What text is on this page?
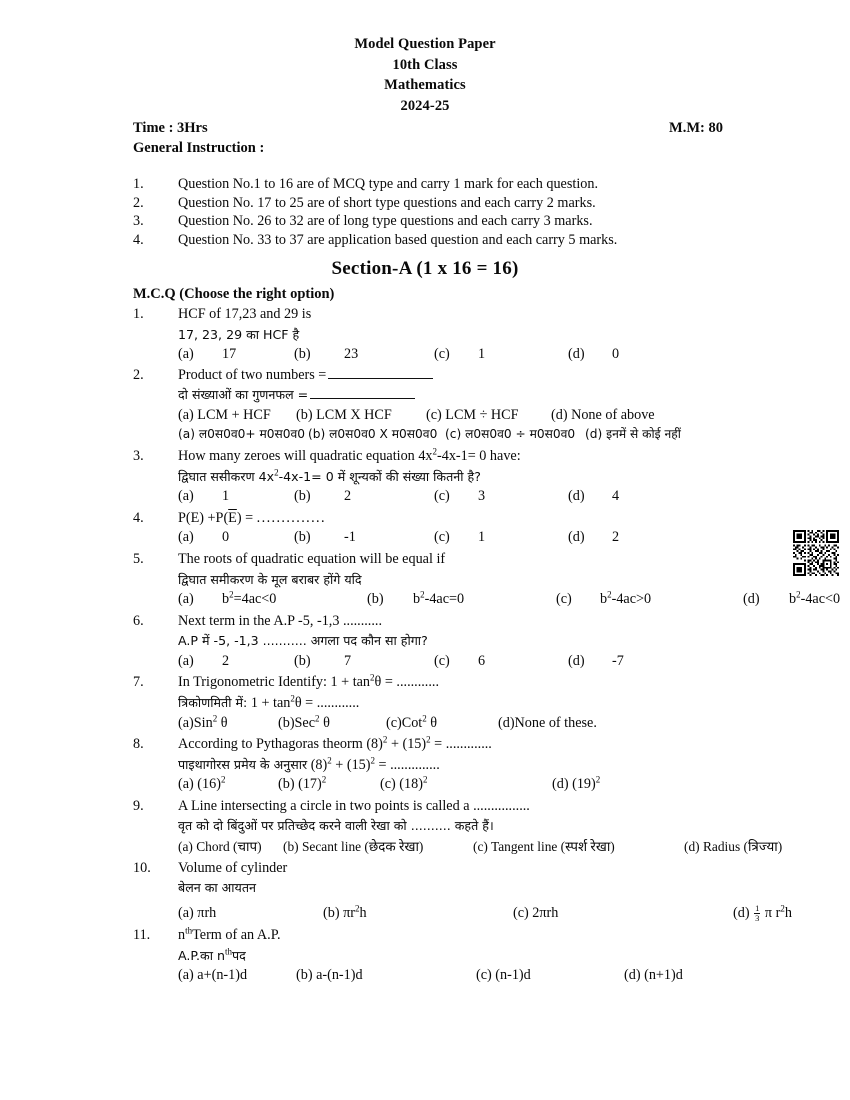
Model Question Paper
10th Class
Mathematics
2024-25
Time : 3Hrs	M.M: 80
General Instruction :
1.	Question No.1 to 16 are of MCQ type and carry 1 mark for each question.
2.	Question No. 17 to 25 are of short type questions and each carry 2 marks.
3.	Question No. 26 to 32 are of long type questions and each carry 3 marks.
4.	Question No. 33 to 37 are application based question and each carry 5 marks.
Section-A (1 x 16 = 16)
M.C.Q (Choose the right option)
1.	HCF of 17,23 and 29 is
17, 23, 29 का HCF है
(a)	17	(b)	23	(c)	1	(d)	0
2.	Product of two numbers =
दो संख्याओं का गुणनफल =
(a) LCM + HCF	(b) LCM X HCF	(c) LCM ÷ HCF	(d) None of above
(a) ल0स0व0+ म0स0व0 (b) ल0स0व0 X म0स0व0 (c) ल0स0व0 ÷ म0स0व0 (d) इनमें से कोई नहीं
3.	How many zeroes will quadratic equation $4x^2-4x-1= 0$ have:
द्विघात ससीकरण $4x^2-4x-1= 0$ में शून्यकों की संख्या कितनी है?
(a)	1	(b)	2	(c)	3	(d)	4
4.	$P(E) +P(\overline{E})$ = ..............
(a)	0	(b)	-1	(c)	1	(d)	2
5.	The roots of quadratic equation will be equal if
द्विघात समीकरण के मूल बराबर होंगे यदि
(a)	$b^2=4ac<0$	(b)	$b^2-4ac=0$	(c)	$b^2-4ac>0$	(d)	$b^2-4ac<0$
6.	Next term in the A.P -5, -1,3 ...........
A.P में -5, -1,3 ........... अगला पद कौन सा होगा?
(a)	2	(b)	7	(c)	6	(d)	-7
7.	In Trigonometric Identify: $1 + \tan^2\theta$ = ............
त्रिकोणमिती में: $1 + \tan^2\theta$ = ............
(a)Sin$^2$ θ	(b)Sec$^2$ θ	(c)Cot$^2$ θ	(d)None of these.
8.	According to Pythagoras theorm $(8)^2 + (15)^2$ = .............
पाइथागोरस प्रमेय के अनुसार $(8)^2 + (15)^2$ = ..............
(a) $(16)^2$	(b) $(17)^2$	(c) $(18)^2$	(d) $(19)^2$
9.	A Line intersecting a circle in two points is called a ................
वृत को दो बिंदुओं पर प्रतिच्छेद करने वाली रेखा को .......... कहते हैं।
(a) Chord (चाप)	(b) Secant line (छेदक रेखा)	(c) Tangent line (स्पर्श रेखा)	(d) Radius (त्रिज्या)
10.	Volume of cylinder
बेलन का आयतन
(a) πrh	(b) $\pi r^2h$	(c) 2πrh	$(d) \frac{1}{3}$ π $r^2h$
11.	$n^{th}Term$ of an A.P.
A.P.का $n^{th}पद$
(a) a+(n-1)d	(b) a-(n-1)d	(c) (n-1)d	(d) (n+1)d
